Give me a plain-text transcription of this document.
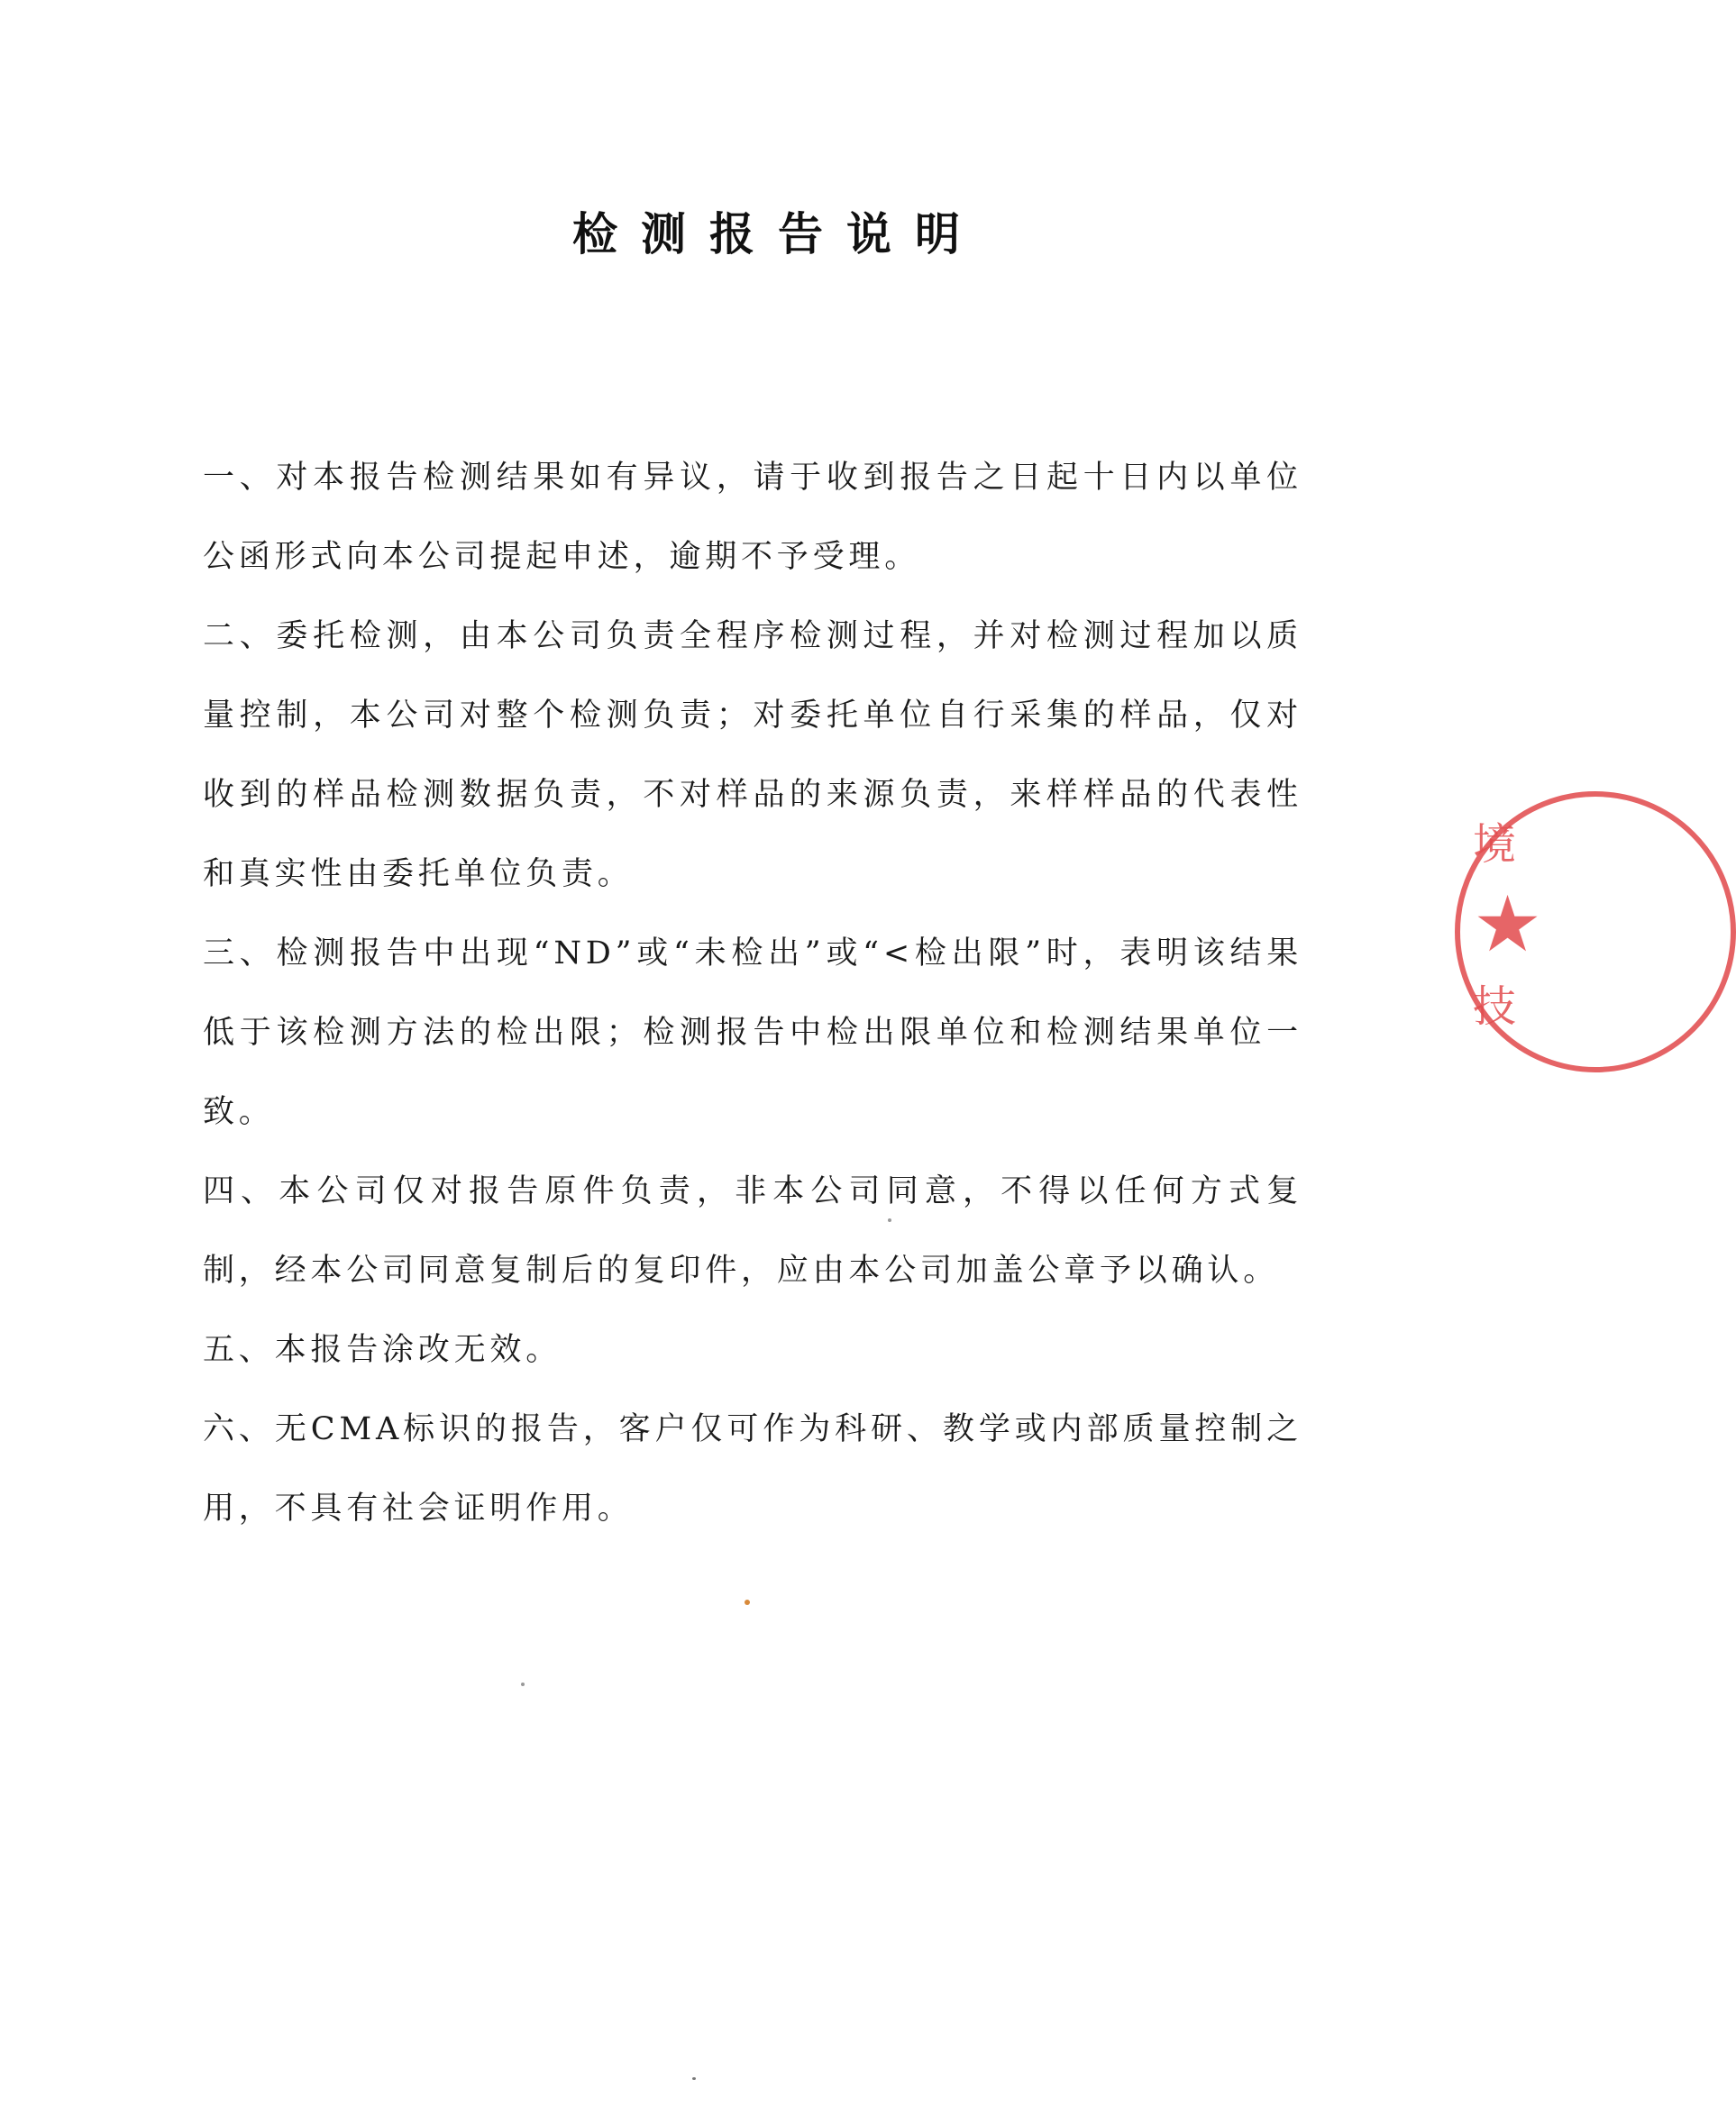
检测报告说明

一、对本报告检测结果如有异议，请于收到报告之日起十日内以单位公函形式向本公司提起申述，逾期不予受理。

二、委托检测，由本公司负责全程序检测过程，并对检测过程加以质量控制，本公司对整个检测负责；对委托单位自行采集的样品，仅对收到的样品检测数据负责，不对样品的来源负责，来样样品的代表性和真实性由委托单位负责。

三、检测报告中出现“ND”或“未检出”或“<检出限”时，表明该结果低于该检测方法的检出限；检测报告中检出限单位和检测结果单位一致。

四、本公司仅对报告原件负责，非本公司同意，不得以任何方式复制，经本公司同意复制后的复印件，应由本公司加盖公章予以确认。

五、本报告涂改无效。

六、无CMA标识的报告，客户仅可作为科研、教学或内部质量控制之用，不具有社会证明作用。

境
★
技
